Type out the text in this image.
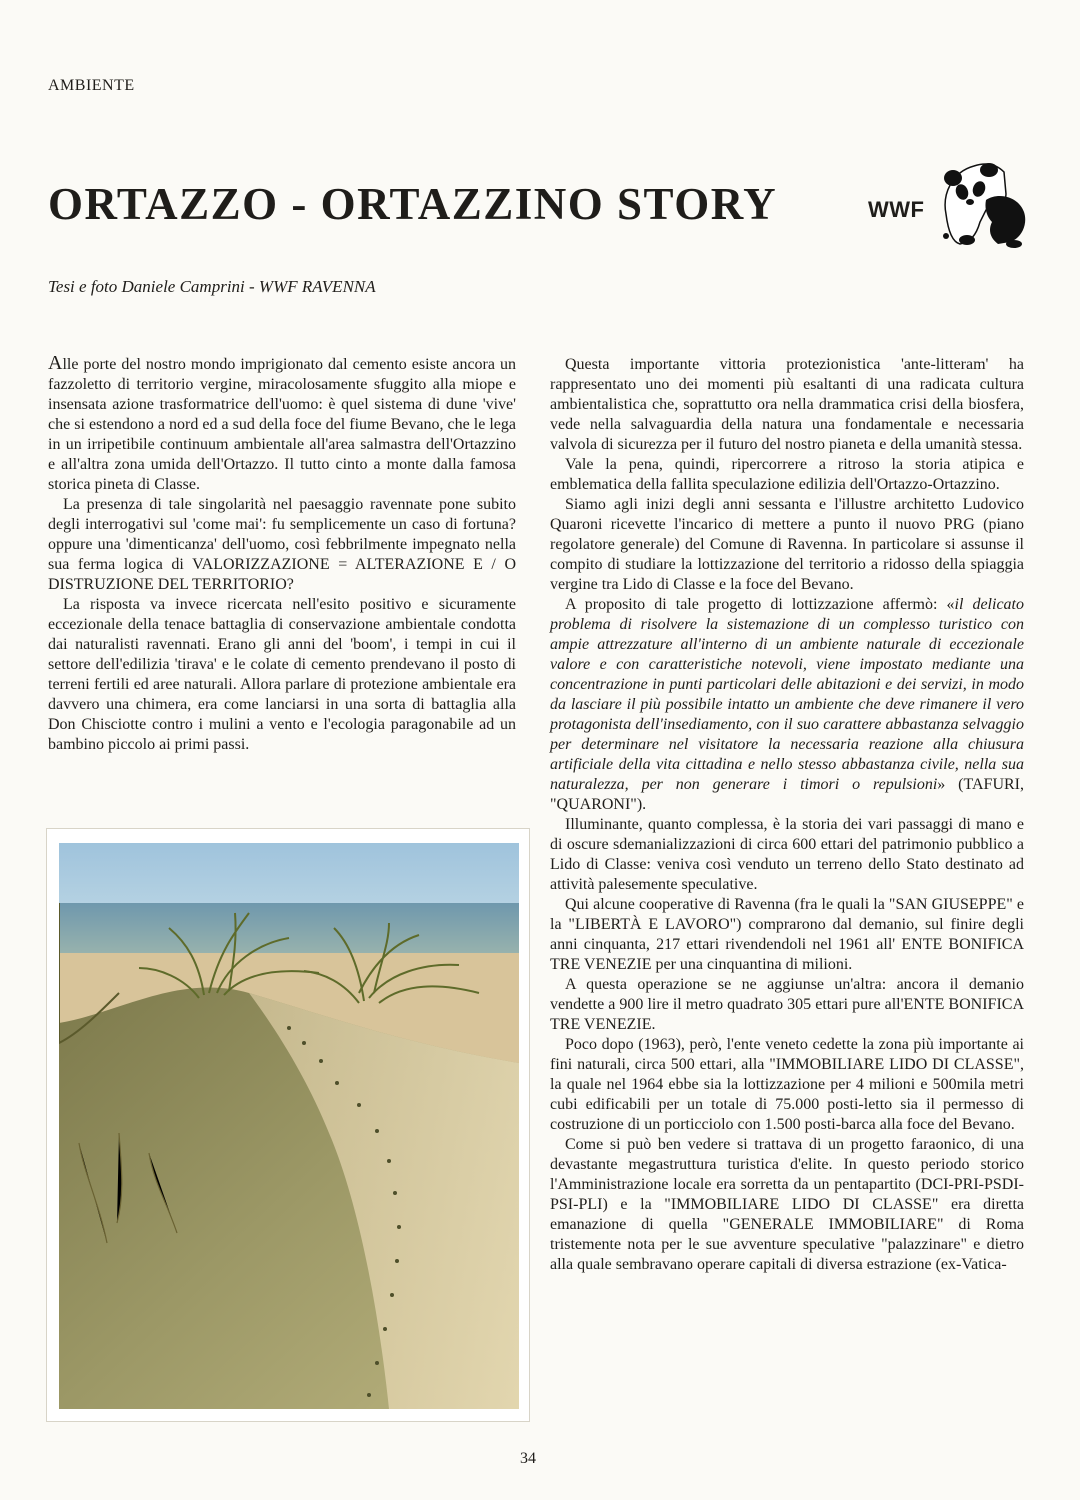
AMBIENTE
ORTAZZO - ORTAZZINO STORY	WWF
Tesi e foto Daniele Camprini - WWF RAVENNA

Alle porte del nostro mondo imprigionato dal cemento esiste ancora un fazzoletto di territorio vergine, miracolosamente sfuggito alla miope e insensata azione trasformatrice dell'uomo: è quel sistema di dune 'vive' che si estendono a nord ed a sud della foce del fiume Bevano, che le lega in un irripetibile continuum ambientale all'area salmastra dell'Ortazzino e all'altra zona umida dell'Ortazzo. Il tutto cinto a monte dalla famosa storica pineta di Classe.

La presenza di tale singolarità nel paesaggio ravennate pone subito degli interrogativi sul 'come mai': fu semplicemente un caso di fortuna? oppure una 'dimenticanza' dell'uomo, così febbrilmente impegnato nella sua ferma logica di VALORIZZAZIONE = ALTERAZIONE E / O DISTRUZIONE DEL TERRITORIO?

La risposta va invece ricercata nell'esito positivo e sicuramente eccezionale della tenace battaglia di conservazione ambientale condotta dai naturalisti ravennati. Erano gli anni del 'boom', i tempi in cui il settore dell'edilizia 'tirava' e le colate di cemento prendevano il posto di terreni fertili ed aree naturali. Allora parlare di protezione ambientale era davvero una chimera, era come lanciarsi in una sorta di battaglia alla Don Chisciotte contro i mulini a vento e l'ecologia paragonabile ad un bambino piccolo ai primi passi.

Questa importante vittoria protezionistica 'ante-litteram' ha rappresentato uno dei momenti più esaltanti di una radicata cultura ambientalistica che, soprattutto ora nella drammatica crisi della biosfera, vede nella salvaguardia della natura una fondamentale e necessaria valvola di sicurezza per il futuro del nostro pianeta e della umanità stessa.

Vale la pena, quindi, ripercorrere a ritroso la storia atipica e emblematica della fallita speculazione edilizia dell'Ortazzo-Ortazzino.

Siamo agli inizi degli anni sessanta e l'illustre architetto Ludovico Quaroni ricevette l'incarico di mettere a punto il nuovo PRG (piano regolatore generale) del Comune di Ravenna. In particolare si assunse il compito di studiare la lottizzazione del territorio a ridosso della spiaggia vergine tra Lido di Classe e la foce del Bevano.

A proposito di tale progetto di lottizzazione affermò: «il delicato problema di risolvere la sistemazione di un complesso turistico con ampie attrezzature all'interno di un ambiente naturale di eccezionale valore e con caratteristiche notevoli, viene impostato mediante una concentrazione in punti particolari delle abitazioni e dei servizi, in modo da lasciare il più possibile intatto un ambiente che deve rimanere il vero protagonista dell'insediamento, con il suo carattere abbastanza selvaggio per determinare nel visitatore la necessaria reazione alla chiusura artificiale della vita cittadina e nello stesso abbastanza civile, nella sua naturalezza, per non generare i timori o repulsioni» (TAFURI, "QUARONI").

Illuminante, quanto complessa, è la storia dei vari passaggi di mano e di oscure sdemanializzazioni di circa 600 ettari del patrimonio pubblico a Lido di Classe: veniva così venduto un terreno dello Stato destinato ad attività palesemente speculative.

Qui alcune cooperative di Ravenna (fra le quali la "SAN GIUSEPPE" e la "LIBERTÀ E LAVORO") comprarono dal demanio, sul finire degli anni cinquanta, 217 ettari rivendendoli nel 1961 all' ENTE BONIFICA TRE VENEZIE per una cinquantina di milioni.

A questa operazione se ne aggiunse un'altra: ancora il demanio vendette a 900 lire il metro quadrato 305 ettari pure all'ENTE BONIFICA TRE VENEZIE.

Poco dopo (1963), però, l'ente veneto cedette la zona più importante ai fini naturali, circa 500 ettari, alla "IMMOBILIARE LIDO DI CLASSE", la quale nel 1964 ebbe sia la lottizzazione per 4 milioni e 500mila metri cubi edificabili per un totale di 75.000 posti-letto sia il permesso di costruzione di un porticciolo con 1.500 posti-barca alla foce del Bevano.

Come si può ben vedere si trattava di un progetto faraonico, di una devastante megastruttura turistica d'elite. In questo periodo storico l'Amministrazione locale era sorretta da un pentapartito (DCI-PRI-PSDI-PSI-PLI) e la "IMMOBILIARE LIDO DI CLASSE" era diretta emanazione di quella "GENERALE IMMOBILIARE" di Roma tristemente nota per le sue avventure speculative "palazzinare" e dietro alla quale sembravano operare capitali di diversa estrazione (ex-Vatica-

34
